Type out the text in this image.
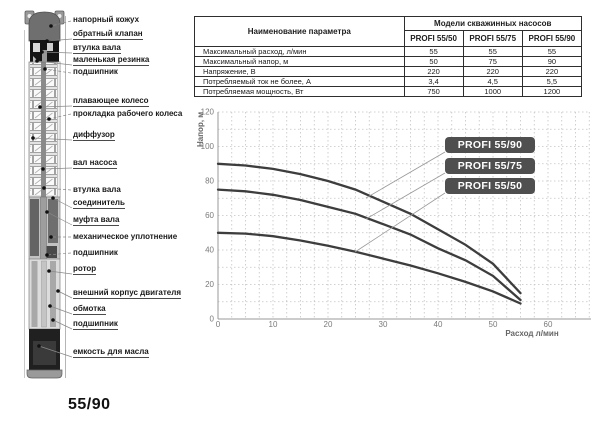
напорный кожух
обратный клапан
втулка вала
маленькая резинка
подшипник
плавающее колесо
прокладка рабочего колеса
диффузор
вал насоса
втулка вала
соединитель
муфта вала
механическое уплотнение
подшипник
ротор
внешний корпус двигателя
обмотка
подшипник
емкость для масла
55/90
Наименование параметра	Модели скважинных насосов		
	PROFI 55/50	PROFI 55/75	PROFI 55/90
Максимальный расход, л/мин	55	55	55
Максимальный напор, м	50	75	90
Напряжение, В	220	220	220
Потребляемый ток не более, А	3,4	4,5	5,5
Потребляемая мощность, Вт	750	1000	1200
0	10	20	30	40	50	60
0
20
40
60
80
100
120
Расход л/мин
Напор, м	PROFI 55/90
PROFI 55/75
PROFI 55/50
